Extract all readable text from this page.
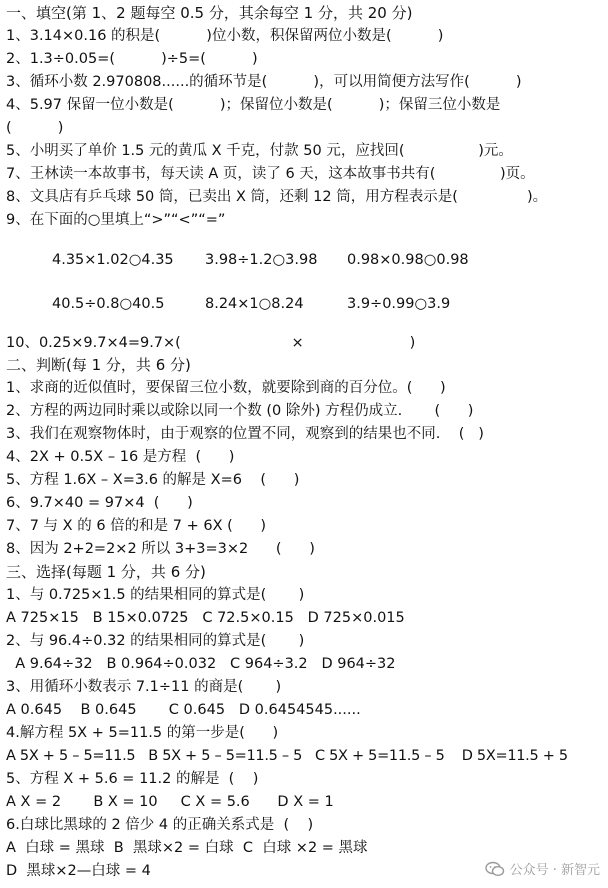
一、填空(第 1、2 题每空 0.5 分，其余每空 1 分，共 20 分)
1、3.14×0.16 的积是(          )位小数，积保留两位小数是(          )
2、1.3÷0.05=(          )÷5=(          )
3、循环小数 2.970808......的循环节是(          )，可以用简便方法写作(          )
4、5.97 保留一位小数是(          )；保留位小数是(          )；保留三位小数是
(          )
5、小明买了单价 1.5 元的黄瓜 X 千克，付款 50 元，应找回(                )元。
7、王林读一本故事书，每天读 A 页，读了 6 天，这本故事书共有(              )页。
8、文具店有乒乓球 50 筒，已卖出 X 筒，还剩 12 筒，用方程表示是(               )。
9、在下面的○里填上“>”“<”“=”
4.35×1.02○4.35 3.98÷1.2○3.98 0.98×0.98○0.98
40.5÷0.8○40.5	8.24×1○8.24	3.9÷0.99○3.9
10、0.25×9.7×4=9.7×(                        ×                       )
二、判断(每 1 分，共 6 分)
1、求商的近似值时，要保留三位小数，就要除到商的百分位。(      )
2、方程的两边同时乘以或除以同一个数 (0 除外) 方程仍成立.       (      )
3、我们在观察物体时，由于观察的位置不同，观察到的结果也不同.    (   )
4、2X + 0.5X – 16 是方程  (      )
5、方程 1.6X – X=3.6 的解是 X=6    (      )
6、9.7×40 = 97×4  (      )
7、7 与 X 的 6 倍的和是 7 + 6X (      )
8、因为 2+2=2×2 所以 3+3=3×2      (      )
三、选择(每题 1 分，共 6 分)
1、与 0.725×1.5 的结果相同的算式是(       )
A 725×15   B 15×0.0725   C 72.5×0.15   D 725×0.015
2、与 96.4÷0.32 的结果相同的算式是(       )
A 9.64÷32   B 0.964÷0.032   C 964÷3.2   D 964÷32
3、用循环小数表示 7.1÷11 的商是(       )
A 0.645    B 0.645       C 0.645   D 0.6454545......
4.解方程 5X + 5=11.5 的第一步是(      )
A 5X + 5 – 5=11.5   B 5X + 5 – 5=11.5 – 5   C 5X + 5=11.5 – 5    D 5X=11.5 + 5
5、方程 X + 5.6 = 11.2 的解是  (    )
A X = 2       B X = 10     C X = 5.6      D X = 1
6.白球比黑球的 2 倍少 4 的正确关系式是  (    )
A  白球 = 黑球  B  黑球×2 = 白球  C  白球 ×2 = 黑球
D  黑球×2—白球 = 4	公众号 · 新智元
